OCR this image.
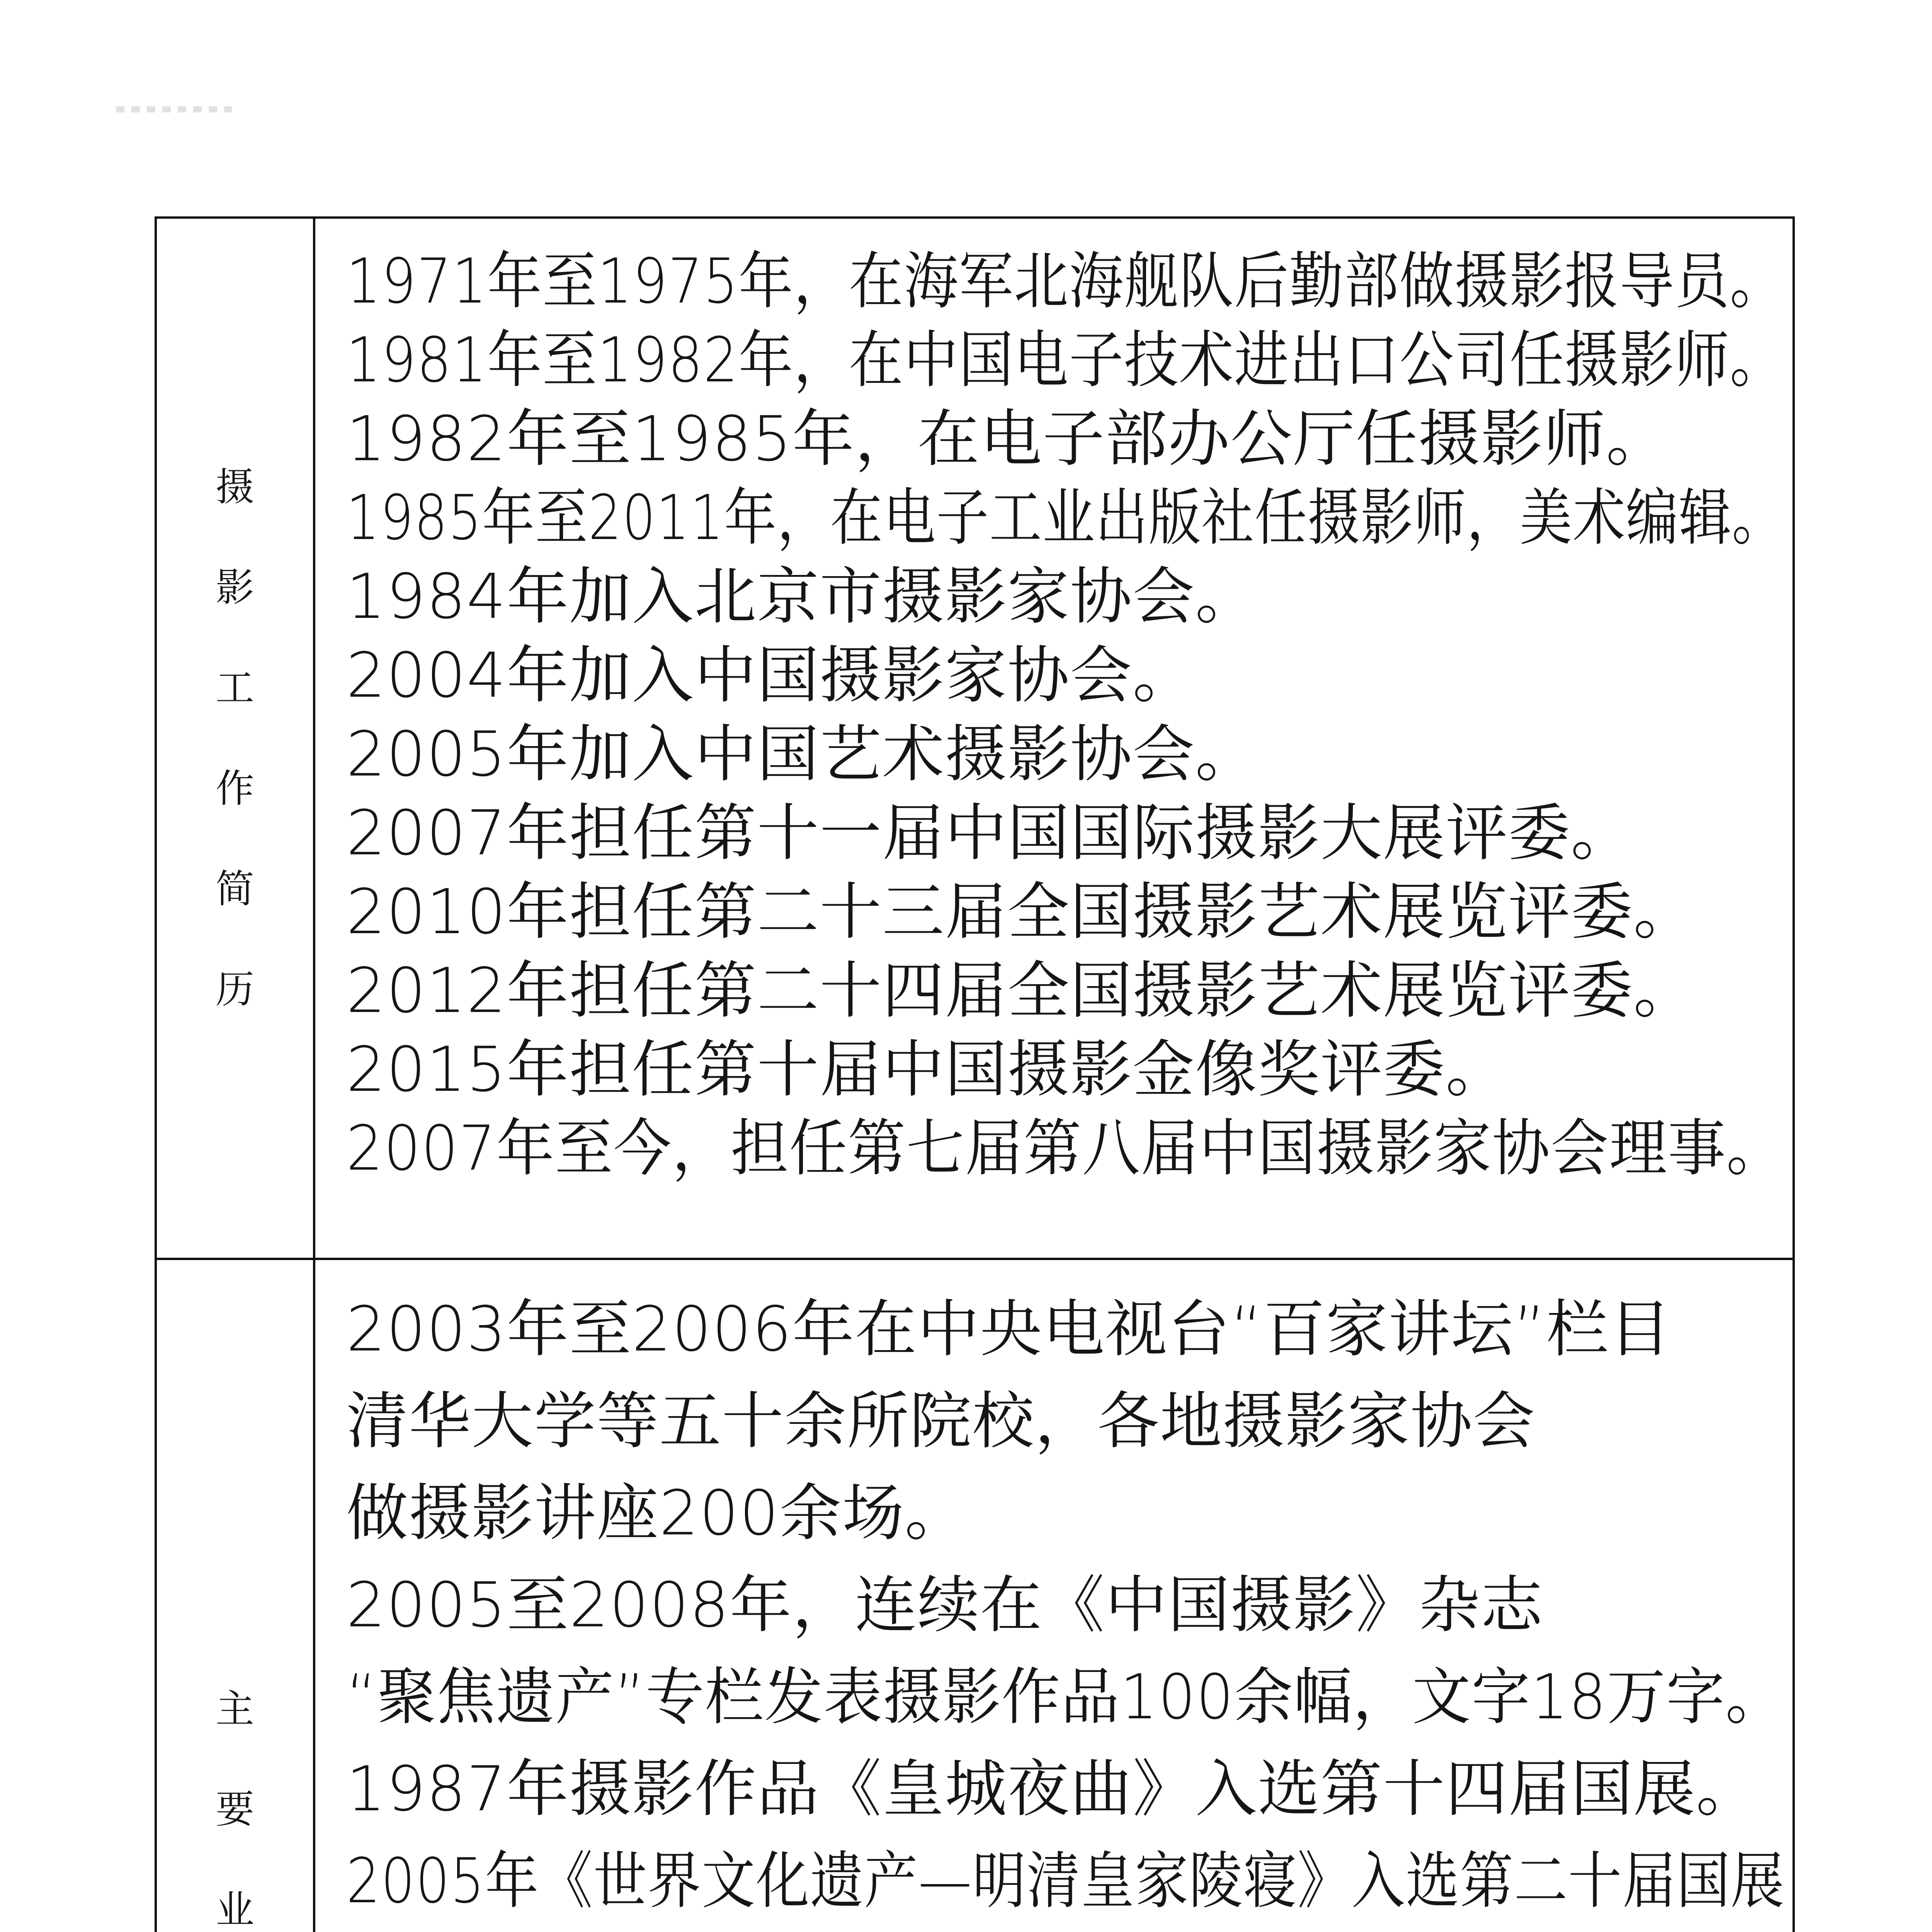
摄
影
工
作
简
历
1971年至1975年，在海军北海舰队后勤部做摄影报导员。
1981年至1982年，在中国电子技术进出口公司任摄影师。
1982年至1985年，在电子部办公厅任摄影师。
1985年至2011年，在电子工业出版社任摄影师，美术编辑。
1984年加入北京市摄影家协会。
2004年加入中国摄影家协会。
2005年加入中国艺术摄影协会。
2007年担任第十一届中国国际摄影大展评委。
2010年担任第二十三届全国摄影艺术展览评委。
2012年担任第二十四届全国摄影艺术展览评委。
2015年担任第十届中国摄影金像奖评委。
2007年至今，担任第七届第八届中国摄影家协会理事。
主
要
业
2003年至2006年在中央电视台“百家讲坛”栏目
清华大学等五十余所院校，各地摄影家协会
做摄影讲座200余场。
2005至2008年，连续在《中国摄影》杂志
“聚焦遗产”专栏发表摄影作品100余幅，文字18万字。
1987年摄影作品《皇城夜曲》入选第十四届国展。
2005年《世界文化遗产—明清皇家陵寝》入选第二十届国展
